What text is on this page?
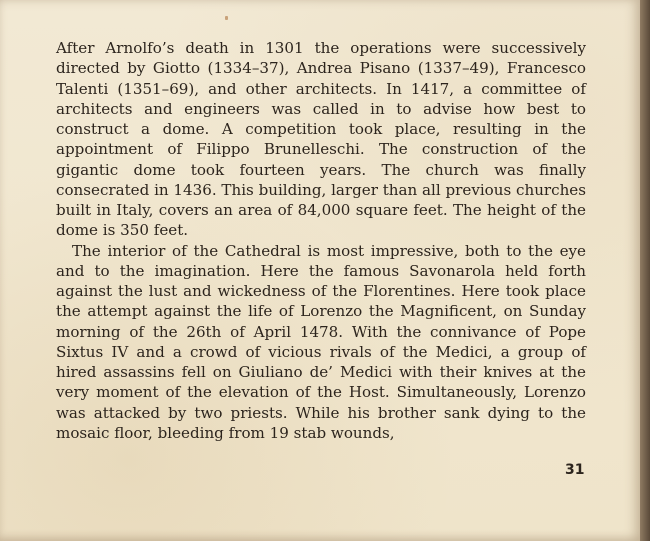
After Arnolfo’s death in 1301 the operations were successively directed by Giotto (1334–37), Andrea Pisano (1337–49), Francesco Talenti (1351–69), and other architects. In 1417, a committee of architects and engineers was called in to advise how best to construct a dome. A competition took place, resulting in the appointment of Filippo Brunelleschi. The construction of the gigantic dome took fourteen years. The church was finally consecrated in 1436. This building, larger than all previous churches built in Italy, covers an area of 84,000 square feet. The height of the dome is 350 feet.

The interior of the Cathedral is most impressive, both to the eye and to the imagination. Here the famous Savonarola held forth against the lust and wickedness of the Florentines. Here took place the attempt against the life of Lorenzo the Magnificent, on Sunday morning of the 26th of April 1478. With the connivance of Pope Sixtus IV and a crowd of vicious rivals of the Medici, a group of hired assassins fell on Giuliano de’ Medici with their knives at the very moment of the elevation of the Host. Simultaneously, Lorenzo was attacked by two priests. While his brother sank dying to the mosaic floor, bleeding from 19 stab wounds,

31
